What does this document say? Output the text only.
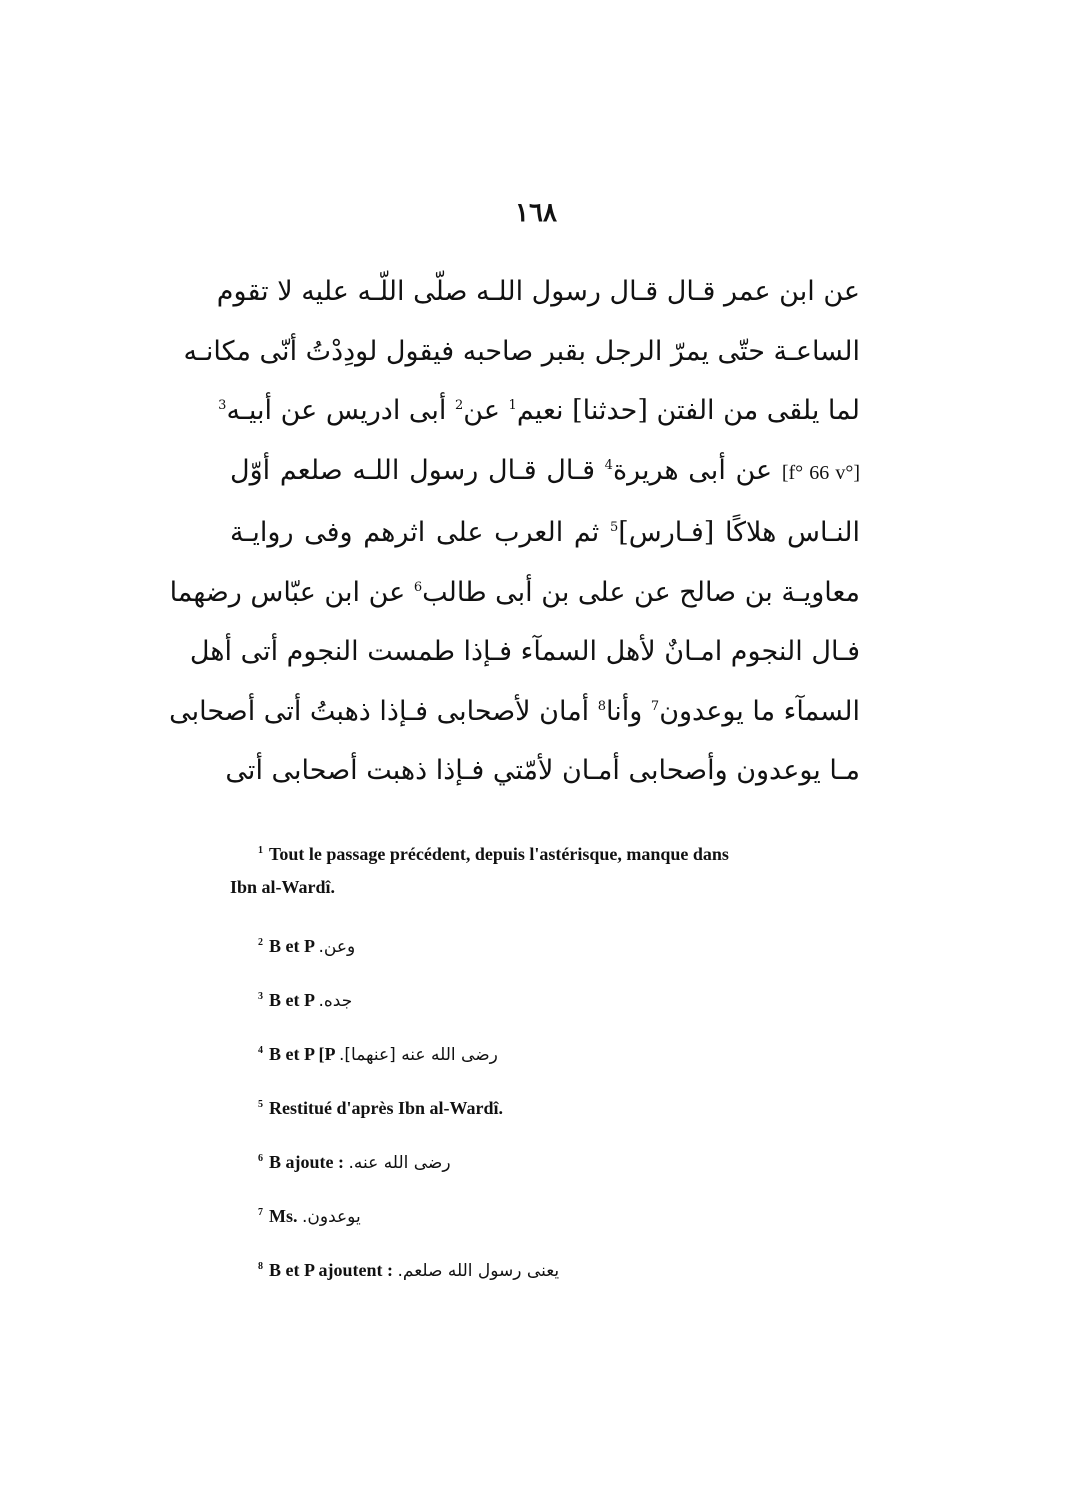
١٦٨
عن ابن عمر قـال قـال رسول اللـه صلّى اللّـه عليه لا تقوم
الساعـة حتّى يمرّ الرجل بقبر صاحبه فيقول لودِدْتُ أنّى مكانـه
لما يلقى من الفتن [حدثنا] نعيم$^1$ عن$^2$ أبى ادريس عن أبيـه$^3$
[f° 66 v°] عن أبى هريرة$^4$ قـال قـال رسول اللـه صلعم أوّل
النـاس هلاكًا [فـارس]$^5$ ثم العرب على اثرهم وفى روايـة
معاويـة بن صالح عن على بن أبى طالب$^6$ عن ابن عبّاس رضهما
فـال النجوم امـانٌ لأهل السمآء فـإذا طمست النجوم أتى أهل
السمآء ما يوعدون$^7$ وأنا$^8$ أمان لأصحابى فـإذا ذهبتُ أتى أصحابى
مـا يوعدون وأصحابى أمـان لأمّتي فـإذا ذهبت أصحابى أتى
$^1$ Tout le passage précédent, depuis l'astérisque, manque dans
Ibn al-Wardî.
$^2$ B et P وعن.
$^3$ B et P جده.
$^4$ B et P [P رضى الله عنه [عنهما].
$^5$ Restitué d'après Ibn al-Wardî.
$^6$ B ajoute : رضى الله عنه.
$^7$ Ms. يوعدون.
$^8$ B et P ajoutent : يعنى رسول الله صلعم.
